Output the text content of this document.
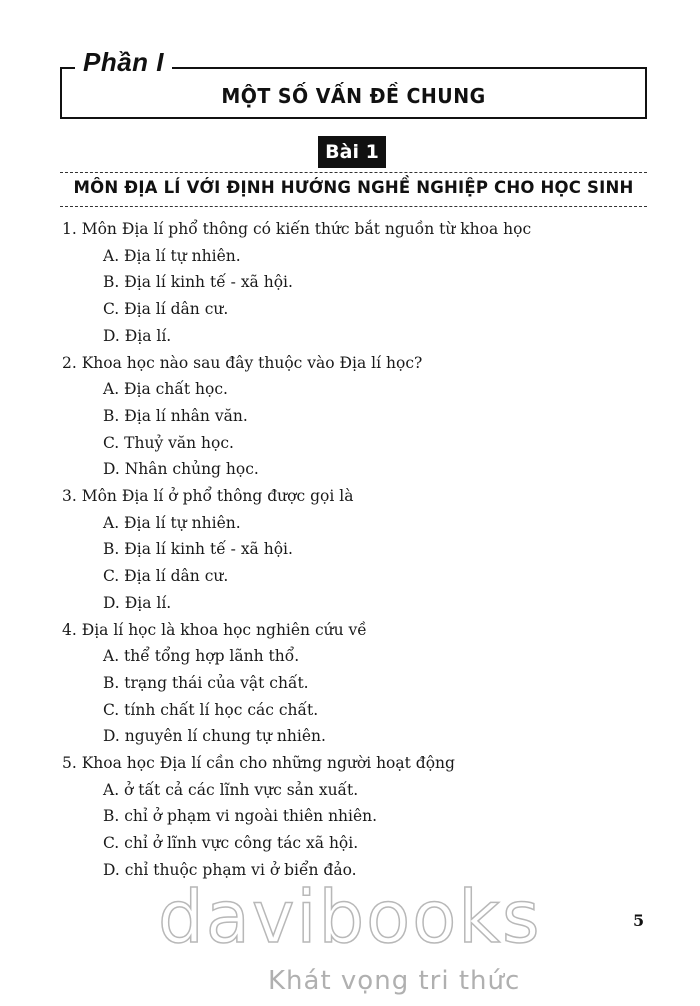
Phần I
MỘT SỐ VẤN ĐỀ CHUNG
Bài 1
MÔN ĐỊA LÍ VỚI ĐỊNH HƯỚNG NGHỀ NGHIỆP CHO HỌC SINH

1. Môn Địa lí phổ thông có kiến thức bắt nguồn từ khoa học

A. Địa lí tự nhiên.

B. Địa lí kinh tế - xã hội.

C. Địa lí dân cư.

D. Địa lí.

2. Khoa học nào sau đây thuộc vào Địa lí học?

A. Địa chất học.

B. Địa lí nhân văn.

C. Thuỷ văn học.

D. Nhân chủng học.

3. Môn Địa lí ở phổ thông được gọi là

A. Địa lí tự nhiên.

B. Địa lí kinh tế - xã hội.

C. Địa lí dân cư.

D. Địa lí.

4. Địa lí học là khoa học nghiên cứu về

A. thể tổng hợp lãnh thổ.

B. trạng thái của vật chất.

C. tính chất lí học các chất.

D. nguyên lí chung tự nhiên.

5. Khoa học Địa lí cần cho những người hoạt động

A. ở tất cả các lĩnh vực sản xuất.

B. chỉ ở phạm vi ngoài thiên nhiên.

C. chỉ ở lĩnh vực công tác xã hội.

D. chỉ thuộc phạm vi ở biển đảo.

davibooks
Khát vọng tri thức
5
